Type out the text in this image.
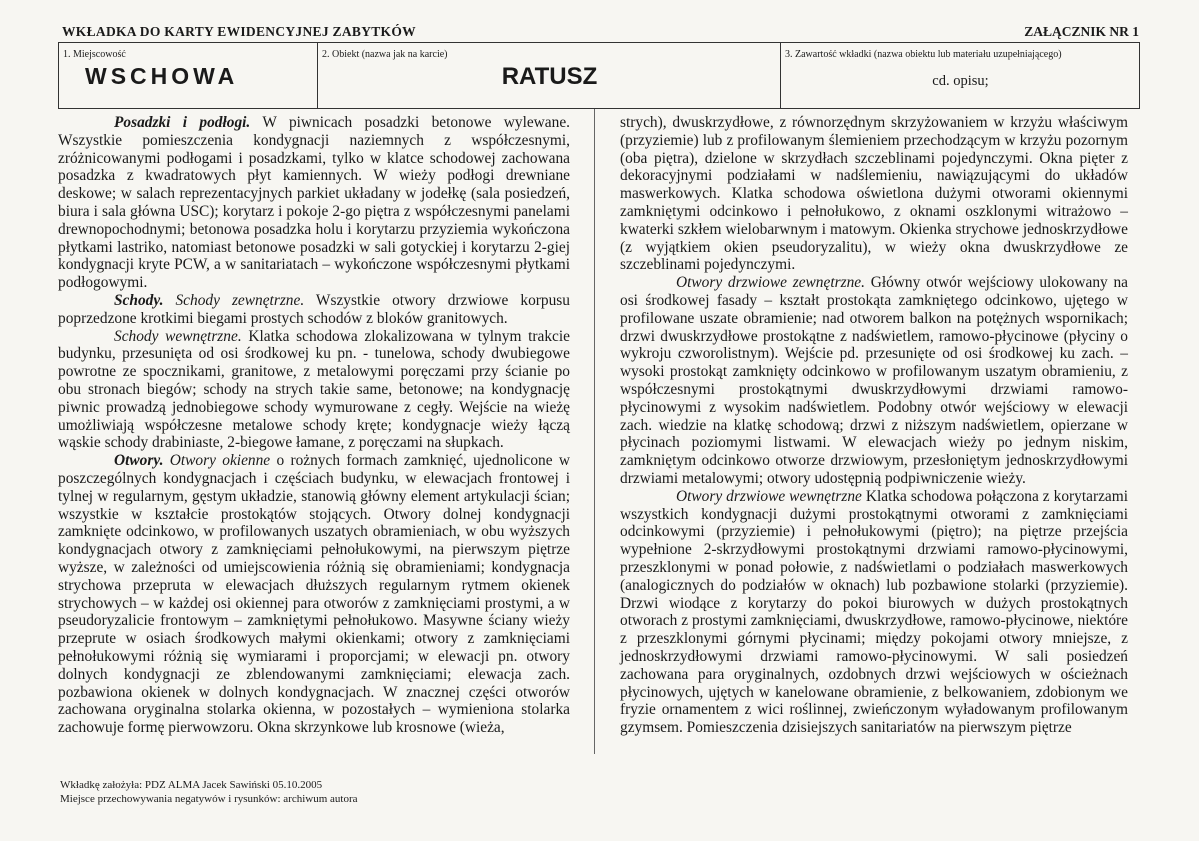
WKŁADKA DO KARTY EWIDENCYJNEJ ZABYTKÓW	ZAŁĄCZNIK NR 1
1. Miejscowość
WSCHOWA
2. Obiekt (nazwa jak na karcie)
RATUSZ
3. Zawartość wkładki (nazwa obiektu lub materiału uzupełniającego)
cd. opisu;

Posadzki i podłogi. W piwnicach posadzki betonowe wylewane. Wszystkie pomieszczenia kondygnacji naziemnych z współczesnymi, zróżnicowanymi podłogami i posadzkami, tylko w klatce schodowej zachowana posadzka z kwadratowych płyt kamiennych. W wieży podłogi drewniane deskowe; w salach reprezentacyjnych parkiet układany w jodełkę (sala posiedzeń, biura i sala główna USC); korytarz i pokoje 2-go piętra z współczesnymi panelami drewnopochodnymi; betonowa posadzka holu i korytarzu przyziemia wykończona płytkami lastriko, natomiast betonowe posadzki w sali gotyckiej i korytarzu 2-giej kondygnacji kryte PCW, a w sanitariatach – wykończone współczesnymi płytkami podłogowymi.

Schody. Schody zewnętrzne. Wszystkie otwory drzwiowe korpusu poprzedzone krotkimi biegami prostych schodów z bloków granitowych.

Schody wewnętrzne. Klatka schodowa zlokalizowana w tylnym trakcie budynku, przesunięta od osi środkowej ku pn. - tunelowa, schody dwubiegowe powrotne ze spocznikami, granitowe, z metalowymi poręczami przy ścianie po obu stronach biegów; schody na strych takie same, betonowe; na kondygnację piwnic prowadzą jednobiegowe schody wymurowane z cegły. Wejście na wieżę umożliwiają współczesne metalowe schody kręte; kondygnacje wieży łączą wąskie schody drabiniaste, 2-biegowe łamane, z poręczami na słupkach.

Otwory. Otwory okienne o rożnych formach zamknięć, ujednolicone w poszczególnych kondygnacjach i częściach budynku, w elewacjach frontowej i tylnej w regularnym, gęstym układzie, stanowią główny element artykulacji ścian; wszystkie w kształcie prostokątów stojących. Otwory dolnej kondygnacji zamknięte odcinkowo, w profilowanych uszatych obramieniach, w obu wyższych kondygnacjach otwory z zamknięciami pełnołukowymi, na pierwszym piętrze wyższe, w zależności od umiejscowienia różnią się obramieniami; kondygnacja strychowa przeprutа w elewacjach dłuższych regularnym rytmem okienek strychowych – w każdej osi okiennej para otworów z zamknięciami prostymi, a w pseudoryzalicie frontowym – zamkniętymi pełnołukowo. Masywne ściany wieży przeprute w osiach środkowych małymi okienkami; otwory z zamknięciami pełnołukowymi różnią się wymiarami i proporcjami; w elewacji pn. otwory dolnych kondygnacji ze zblendowanymi zamknięciami; elewacja zach. pozbawiona okienek w dolnych kondygnacjach. W znacznej części otworów zachowana oryginalna stolarka okienna, w pozostałych – wymieniona stolarka zachowuje formę pierwowzoru. Okna skrzynkowe lub krosnowe (wieża,

strych), dwuskrzydłowe, z równorzędnym skrzyżowaniem w krzyżu właściwym (przyziemie) lub z profilowanym ślemieniem przechodzącym w krzyżu pozornym (oba piętra), dzielone w skrzydłach szczeblinami pojedynczymi. Okna pięter z dekoracyjnymi podziałami w nadślemieniu, nawiązującymi do układów maswerkowych. Klatka schodowa oświetlona dużymi otworami okiennymi zamkniętymi odcinkowo i pełnołukowo, z oknami oszklonymi witrażowo – kwaterki szkłem wielobarwnym i matowym. Okienka strychowe jednoskrzydłowe (z wyjątkiem okien pseudoryzalitu), w wieży okna dwuskrzydłowe ze szczeblinami pojedynczymi.

Otwory drzwiowe zewnętrzne. Główny otwór wejściowy ulokowany na osi środkowej fasady – kształt prostokąta zamkniętego odcinkowo, ujętego w profilowane uszate obramienie; nad otworem balkon na potężnych wspornikach; drzwi dwuskrzydłowe prostokątne z nadświetlem, ramowo-płycinowe (płyciny o wykroju czworolistnym). Wejście pd. przesunięte od osi środkowej ku zach. – wysoki prostokąt zamknięty odcinkowo w profilowanym uszatym obramieniu, z współczesnymi prostokątnymi dwuskrzydłowymi drzwiami ramowo-płycinowymi z wysokim nadświetlem. Podobny otwór wejściowy w elewacji zach. wiedzie na klatkę schodową; drzwi z niższym nadświetlem, opierzane w płycinach poziomymi listwami. W elewacjach wieży po jednym niskim, zamkniętym odcinkowo otworze drzwiowym, przesłoniętym jednoskrzydłowymi drzwiami metalowymi; otwory udostępnią podpiwniczenie wieży.

Otwory drzwiowe wewnętrzne Klatka schodowa połączona z korytarzami wszystkich kondygnacji dużymi prostokątnymi otworami z zamknięciami odcinkowymi (przyziemie) i pełnołukowymi (piętro); na piętrze przejścia wypełnione 2-skrzydłowymi prostokątnymi drzwiami ramowo-płycinowymi, przeszklonymi w ponad połowie, z nadświetlami o podziałach maswerkowych (analogicznych do podziałów w oknach) lub pozbawione stolarki (przyziemie). Drzwi wiodące z korytarzy do pokoi biurowych w dużych prostokątnych otworach z prostymi zamknięciami, dwuskrzydłowe, ramowo-płycinowe, niektóre z przeszklonymi górnymi płycinami; między pokojami otwory mniejsze, z jednoskrzydłowymi drzwiami ramowo-płycinowymi. W sali posiedzeń zachowana para oryginalnych, ozdobnych drzwi wejściowych w ościeżnach płycinowych, ujętych w kanelowane obramienie, z belkowaniem, zdobionym we fryzie ornamentem z wici roślinnej, zwieńczonym wyładowanym profilowanym gzymsem. Pomieszczenia dzisiejszych sanitariatów na pierwszym piętrze

Wkładkę założyła: PDZ ALMA Jacek Sawiński 05.10.2005
Miejsce przechowywania negatywów i rysunków: archiwum autora
